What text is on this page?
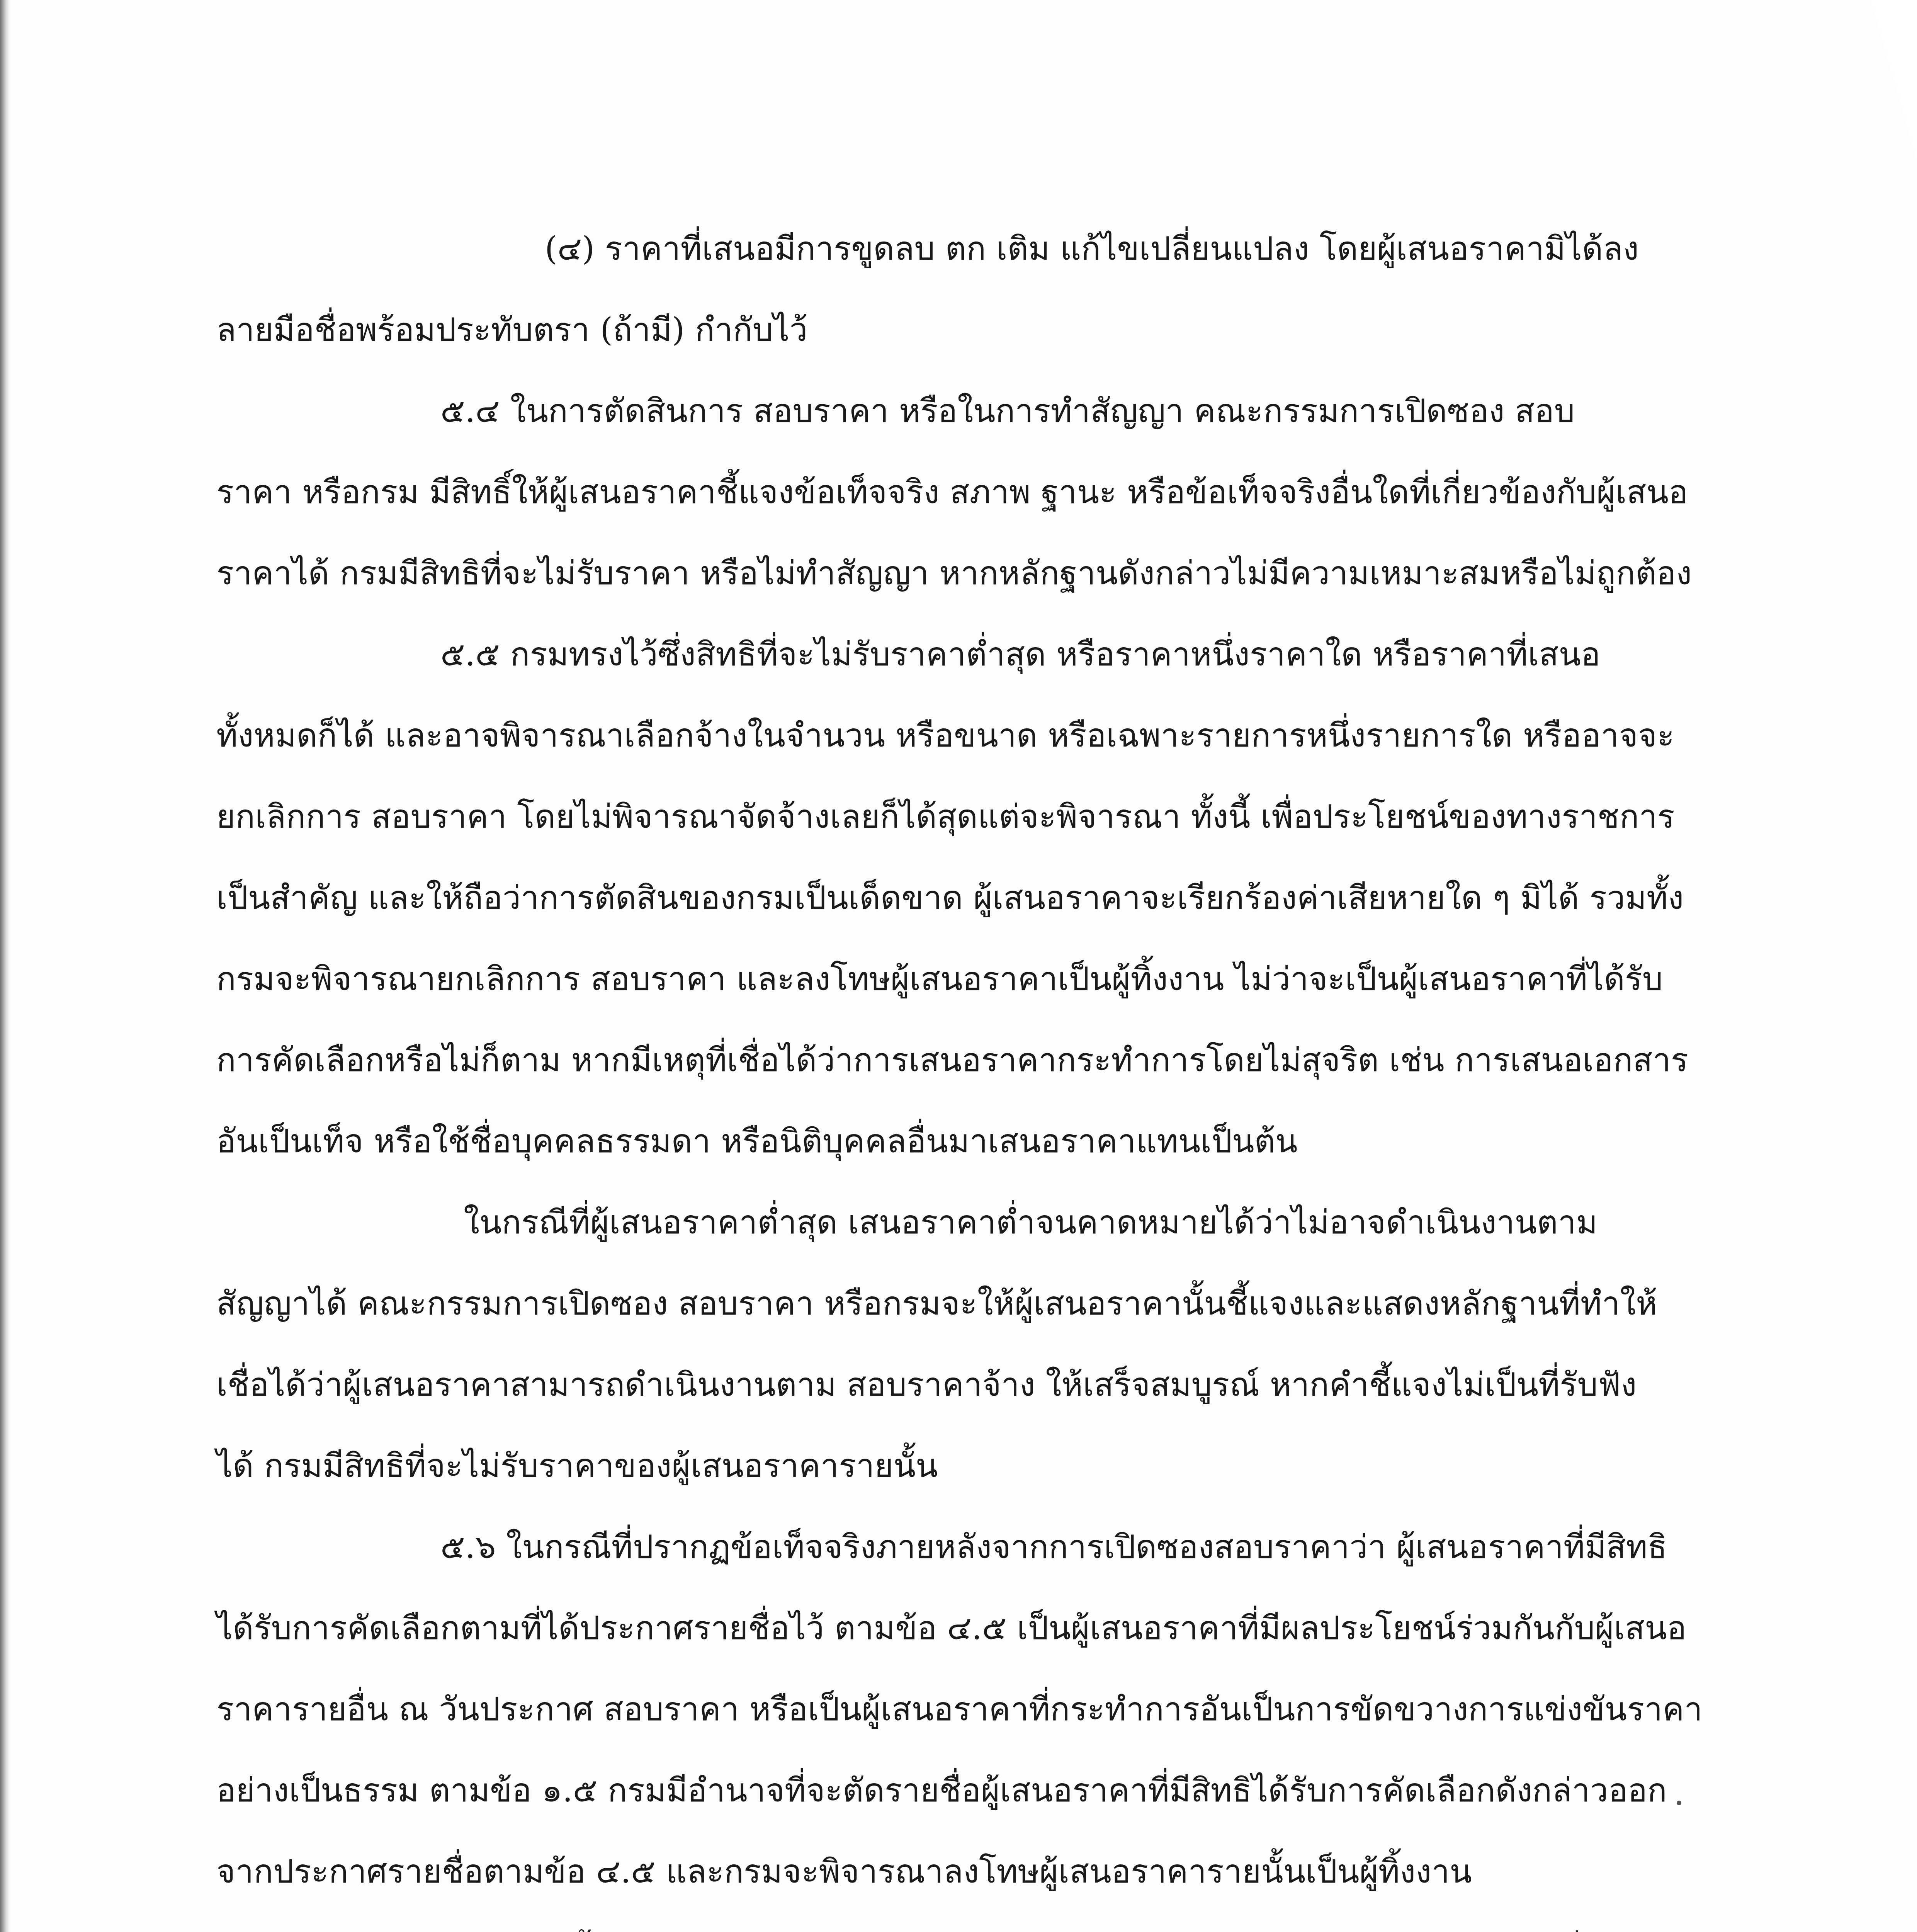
(๔) ราคาที่เสนอมีการขูดลบ ตก เติม แก้ไขเปลี่ยนแปลง โดยผู้เสนอราคามิได้ลง
ลายมือชื่อพร้อมประทับตรา (ถ้ามี) กำกับไว้
๕.๔ ในการตัดสินการ สอบราคา หรือในการทำสัญญา คณะกรรมการเปิดซอง สอบ
ราคา หรือกรม มีสิทธิ์ให้ผู้เสนอราคาชี้แจงข้อเท็จจริง สภาพ ฐานะ หรือข้อเท็จจริงอื่นใดที่เกี่ยวข้องกับผู้เสนอ
ราคาได้ กรมมีสิทธิที่จะไม่รับราคา หรือไม่ทำสัญญา หากหลักฐานดังกล่าวไม่มีความเหมาะสมหรือไม่ถูกต้อง
๕.๕ กรมทรงไว้ซึ่งสิทธิที่จะไม่รับราคาต่ำสุด หรือราคาหนึ่งราคาใด หรือราคาที่เสนอ
ทั้งหมดก็ได้ และอาจพิจารณาเลือกจ้างในจำนวน หรือขนาด หรือเฉพาะรายการหนึ่งรายการใด หรืออาจจะ
ยกเลิกการ สอบราคา โดยไม่พิจารณาจัดจ้างเลยก็ได้สุดแต่จะพิจารณา ทั้งนี้ เพื่อประโยชน์ของทางราชการ
เป็นสำคัญ และให้ถือว่าการตัดสินของกรมเป็นเด็ดขาด ผู้เสนอราคาจะเรียกร้องค่าเสียหายใด ๆ มิได้ รวมทั้ง
กรมจะพิจารณายกเลิกการ สอบราคา และลงโทษผู้เสนอราคาเป็นผู้ทิ้งงาน ไม่ว่าจะเป็นผู้เสนอราคาที่ได้รับ
การคัดเลือกหรือไม่ก็ตาม หากมีเหตุที่เชื่อได้ว่าการเสนอราคากระทำการโดยไม่สุจริต เช่น การเสนอเอกสาร
อันเป็นเท็จ หรือใช้ชื่อบุคคลธรรมดา หรือนิติบุคคลอื่นมาเสนอราคาแทนเป็นต้น
ในกรณีที่ผู้เสนอราคาต่ำสุด เสนอราคาต่ำจนคาดหมายได้ว่าไม่อาจดำเนินงานตาม
สัญญาได้ คณะกรรมการเปิดซอง สอบราคา หรือกรมจะให้ผู้เสนอราคานั้นชี้แจงและแสดงหลักฐานที่ทำให้
เชื่อได้ว่าผู้เสนอราคาสามารถดำเนินงานตาม สอบราคาจ้าง ให้เสร็จสมบูรณ์ หากคำชี้แจงไม่เป็นที่รับฟัง
ได้ กรมมีสิทธิที่จะไม่รับราคาของผู้เสนอราคารายนั้น
๕.๖ ในกรณีที่ปรากฏข้อเท็จจริงภายหลังจากการเปิดซองสอบราคาว่า ผู้เสนอราคาที่มีสิทธิ
ได้รับการคัดเลือกตามที่ได้ประกาศรายชื่อไว้ ตามข้อ ๔.๕ เป็นผู้เสนอราคาที่มีผลประโยชน์ร่วมกันกับผู้เสนอ
ราคารายอื่น ณ วันประกาศ สอบราคา หรือเป็นผู้เสนอราคาที่กระทำการอันเป็นการขัดขวางการแข่งขันราคา
อย่างเป็นธรรม ตามข้อ ๑.๕ กรมมีอำนาจที่จะตัดรายชื่อผู้เสนอราคาที่มีสิทธิได้รับการคัดเลือกดังกล่าวออก
จากประกาศรายชื่อตามข้อ ๔.๕ และกรมจะพิจารณาลงโทษผู้เสนอราคารายนั้นเป็นผู้ทิ้งงาน
